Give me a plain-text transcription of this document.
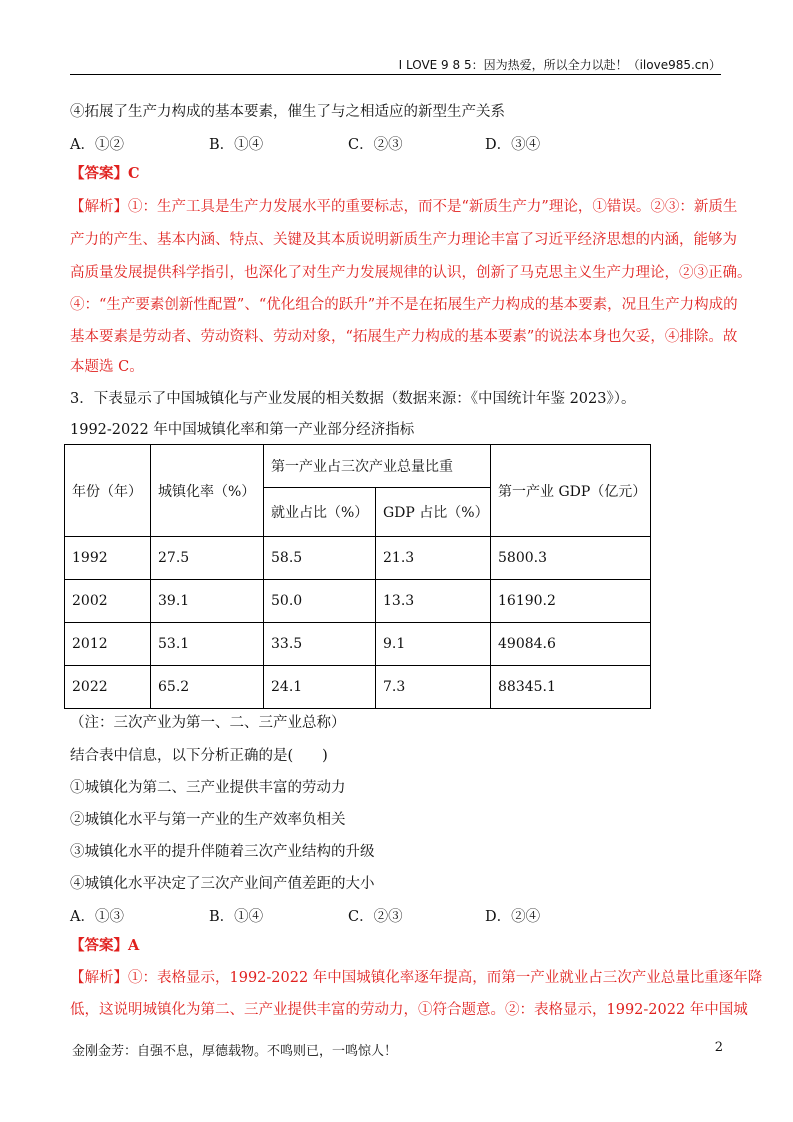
I LOVE 9 8 5：因为热爱，所以全力以赴！（ilove985.cn）
④拓展了生产力构成的基本要素，催生了与之相适应的新型生产关系
A．①②	B．①④	C．②③	D．③④
【答案】C
【解析】①：生产工具是生产力发展水平的重要标志，而不是“新质生产力”理论，①错误。②③：新质生
产力的产生、基本内涵、特点、关键及其本质说明新质生产力理论丰富了习近平经济思想的内涵，能够为
高质量发展提供科学指引，也深化了对生产力发展规律的认识，创新了马克思主义生产力理论，②③正确。
④：“生产要素创新性配置”、“优化组合的跃升”并不是在拓展生产力构成的基本要素，况且生产力构成的
基本要素是劳动者、劳动资料、劳动对象，“拓展生产力构成的基本要素”的说法本身也欠妥，④排除。故
本题选 C。
3．下表显示了中国城镇化与产业发展的相关数据（数据来源：《中国统计年鉴 2023》）。
1992-2022 年中国城镇化率和第一产业部分经济指标
年份（年）	城镇化率（%）	第一产业占三次产业总量比重		第一产业 GDP（亿元）
		就业占比（%）	GDP 占比（%）	
1992	27.5	58.5	21.3	5800.3
2002	39.1	50.0	13.3	16190.2
2012	53.1	33.5	9.1	49084.6
2022	65.2	24.1	7.3	88345.1
（注：三次产业为第一、二、三产业总称）
结合表中信息，以下分析正确的是(　　)
①城镇化为第二、三产业提供丰富的劳动力
②城镇化水平与第一产业的生产效率负相关
③城镇化水平的提升伴随着三次产业结构的升级
④城镇化水平决定了三次产业间产值差距的大小
A．①③	B．①④	C．②③	D．②④
【答案】A
【解析】①：表格显示，1992-2022 年中国城镇化率逐年提高，而第一产业就业占三次产业总量比重逐年降
低，这说明城镇化为第二、三产业提供丰富的劳动力，①符合题意。②：表格显示，1992-2022 年中国城
金刚金芳：自强不息，厚德载物。不鸣则已，一鸣惊人！	2
